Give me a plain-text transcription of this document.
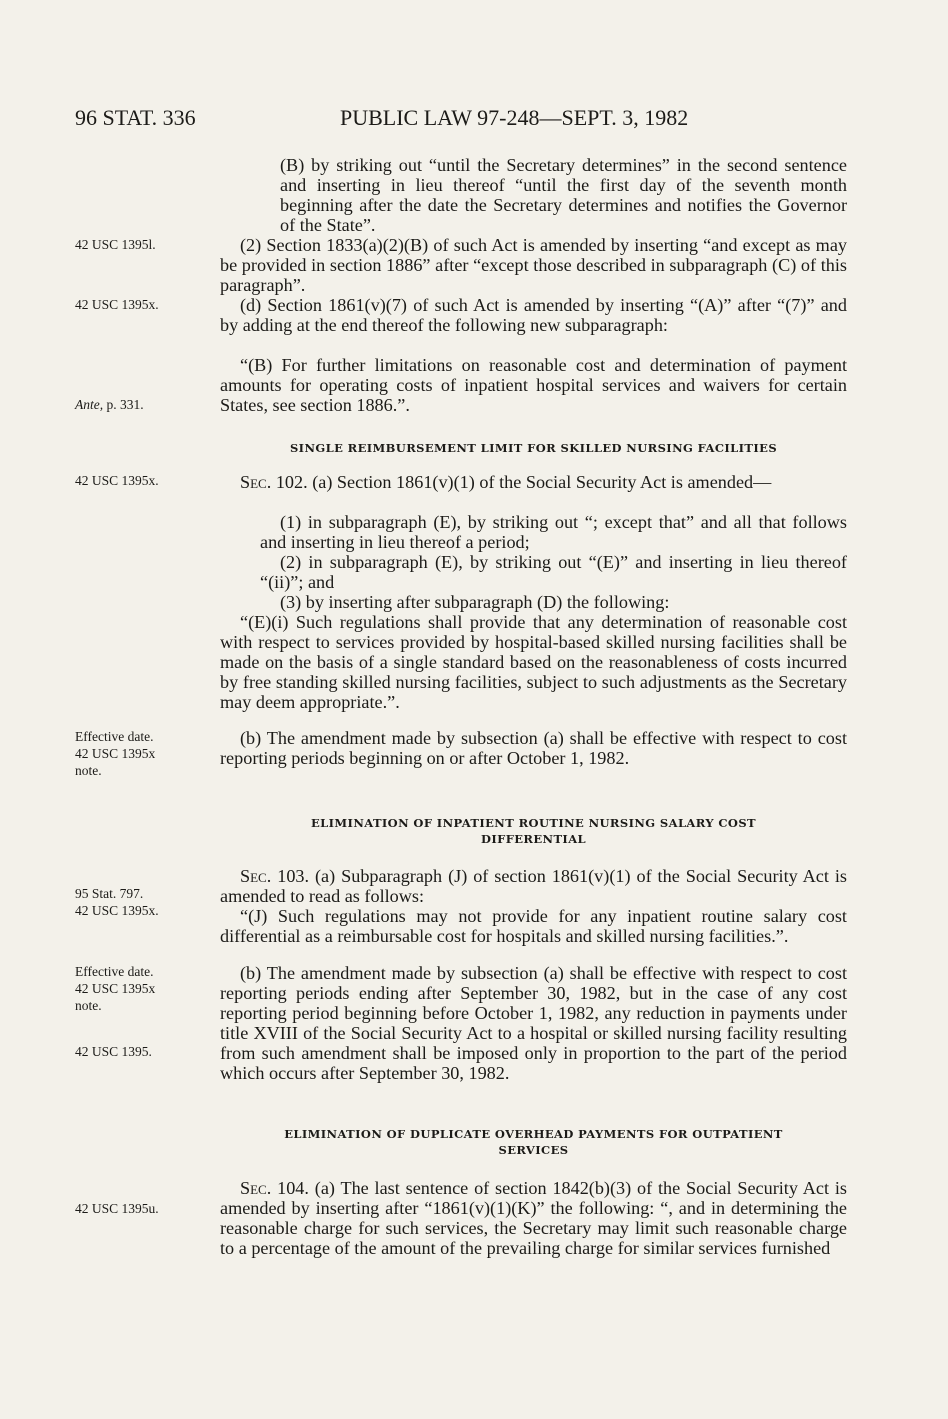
96 STAT. 336	PUBLIC LAW 97-248—SEPT. 3, 1982
42 USC 1395l.
42 USC 1395x.
Ante, p. 331.
42 USC 1395x.
Effective date.
42 USC 1395x
note.
95 Stat. 797.
42 USC 1395x.
Effective date.
42 USC 1395x
note.
42 USC 1395.
42 USC 1395u.
(B) by striking out “until the Secretary determines” in the second sentence and inserting in lieu thereof “until the first day of the seventh month beginning after the date the Secretary determines and notifies the Governor of the State”.
(2) Section 1833(a)(2)(B) of such Act is amended by inserting “and except as may be provided in section 1886” after “except those described in subparagraph (C) of this paragraph”.
(d) Section 1861(v)(7) of such Act is amended by inserting “(A)” after “(7)” and by adding at the end thereof the following new subparagraph:
“(B) For further limitations on reasonable cost and determination of payment amounts for operating costs of inpatient hospital services and waivers for certain States, see section 1886.”.
SINGLE REIMBURSEMENT LIMIT FOR SKILLED NURSING FACILITIES
Sec. 102. (a) Section 1861(v)(1) of the Social Security Act is amended—
(1) in subparagraph (E), by striking out “; except that” and all that follows and inserting in lieu thereof a period;
(2) in subparagraph (E), by striking out “(E)” and inserting in lieu thereof “(ii)”; and
(3) by inserting after subparagraph (D) the following:
“(E)(i) Such regulations shall provide that any determination of reasonable cost with respect to services provided by hospital-based skilled nursing facilities shall be made on the basis of a single standard based on the reasonableness of costs incurred by free standing skilled nursing facilities, subject to such adjustments as the Secretary may deem appropriate.”.
(b) The amendment made by subsection (a) shall be effective with respect to cost reporting periods beginning on or after October 1, 1982.
ELIMINATION OF INPATIENT ROUTINE NURSING SALARY COST
DIFFERENTIAL
Sec. 103. (a) Subparagraph (J) of section 1861(v)(1) of the Social Security Act is amended to read as follows:
“(J) Such regulations may not provide for any inpatient routine salary cost differential as a reimbursable cost for hospitals and skilled nursing facilities.”.
(b) The amendment made by subsection (a) shall be effective with respect to cost reporting periods ending after September 30, 1982, but in the case of any cost reporting period beginning before October 1, 1982, any reduction in payments under title XVIII of the Social Security Act to a hospital or skilled nursing facility resulting from such amendment shall be imposed only in proportion to the part of the period which occurs after September 30, 1982.
ELIMINATION OF DUPLICATE OVERHEAD PAYMENTS FOR OUTPATIENT
SERVICES
Sec. 104. (a) The last sentence of section 1842(b)(3) of the Social Security Act is amended by inserting after “1861(v)(1)(K)” the following: “, and in determining the reasonable charge for such services, the Secretary may limit such reasonable charge to a percentage of the amount of the prevailing charge for similar services furnished
